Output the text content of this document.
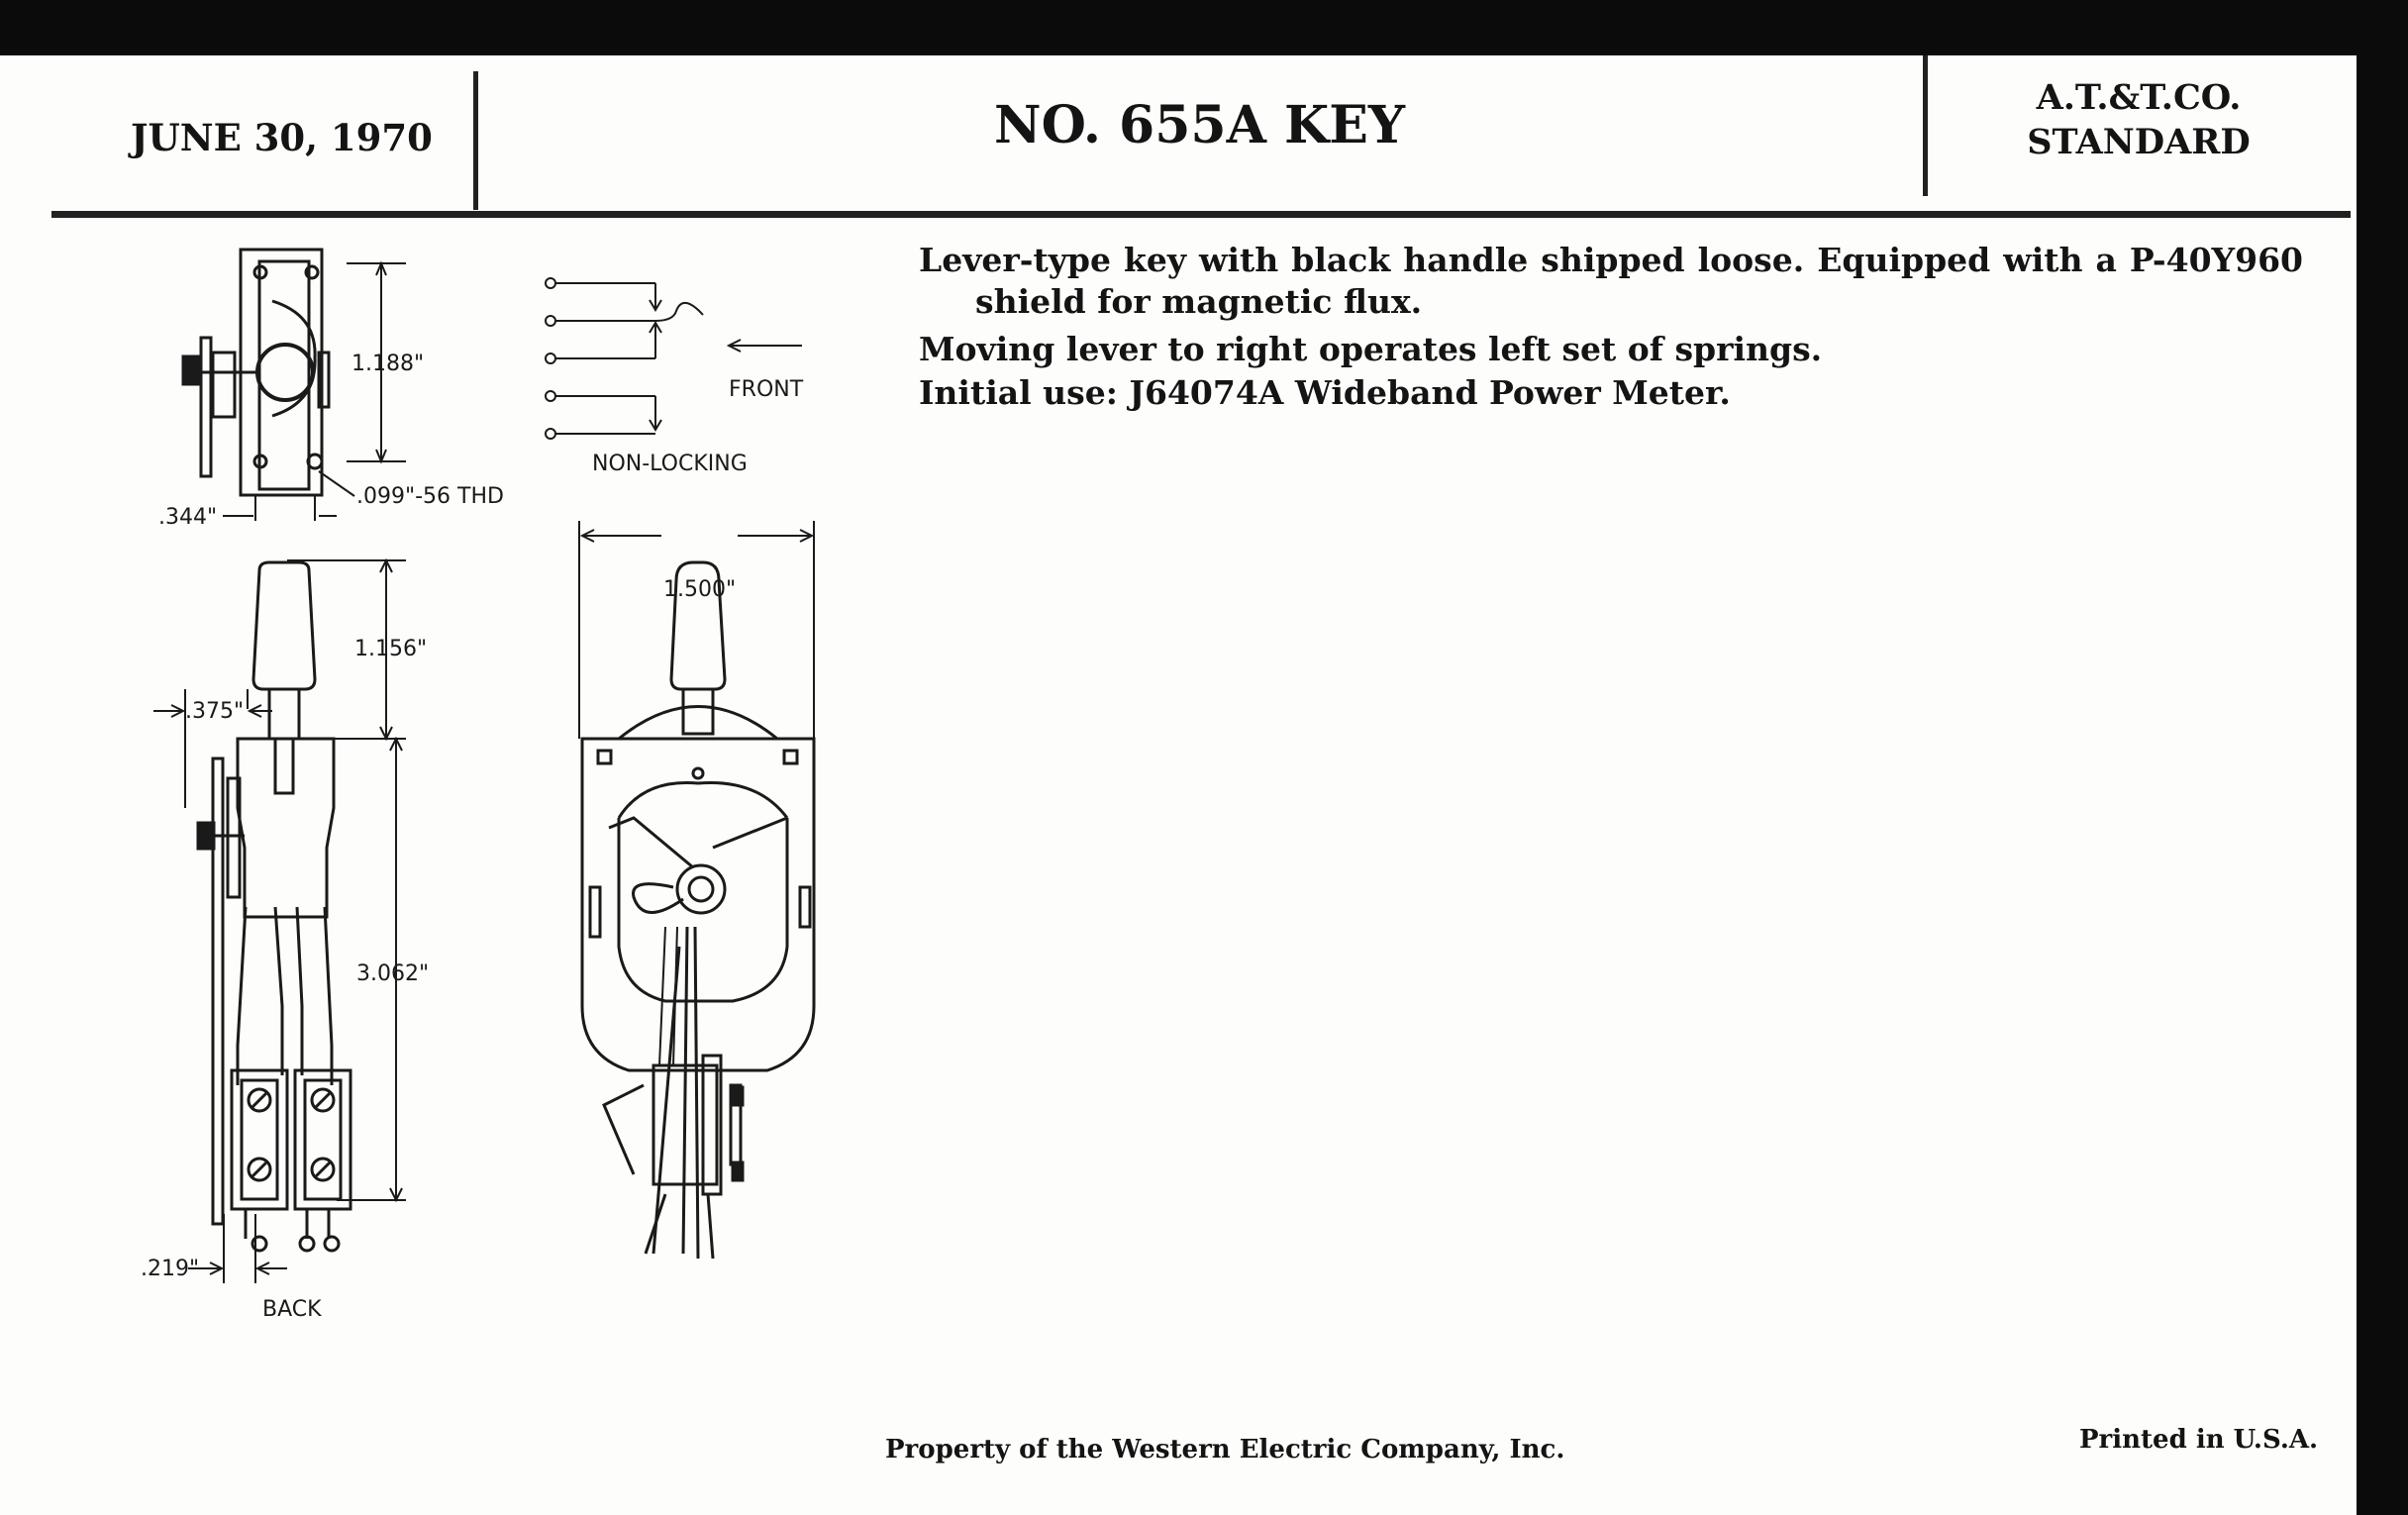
JUNE 30, 1970	NO. 655A KEY	A.T.&T.CO.
STANDARD

Lever-type key with black handle shipped loose. Equipped with a P-40Y960

shield for magnetic flux.

Moving lever to right operates left set of springs.

Initial use: J64074A Wideband Power Meter.

1.188"
.344"
.099"-56 THD
FRONT
NON-LOCKING
1.156"
.375"
3.062"
.219"
BACK
1.500"
Property of the Western Electric Company, Inc.	Printed in U.S.A.
